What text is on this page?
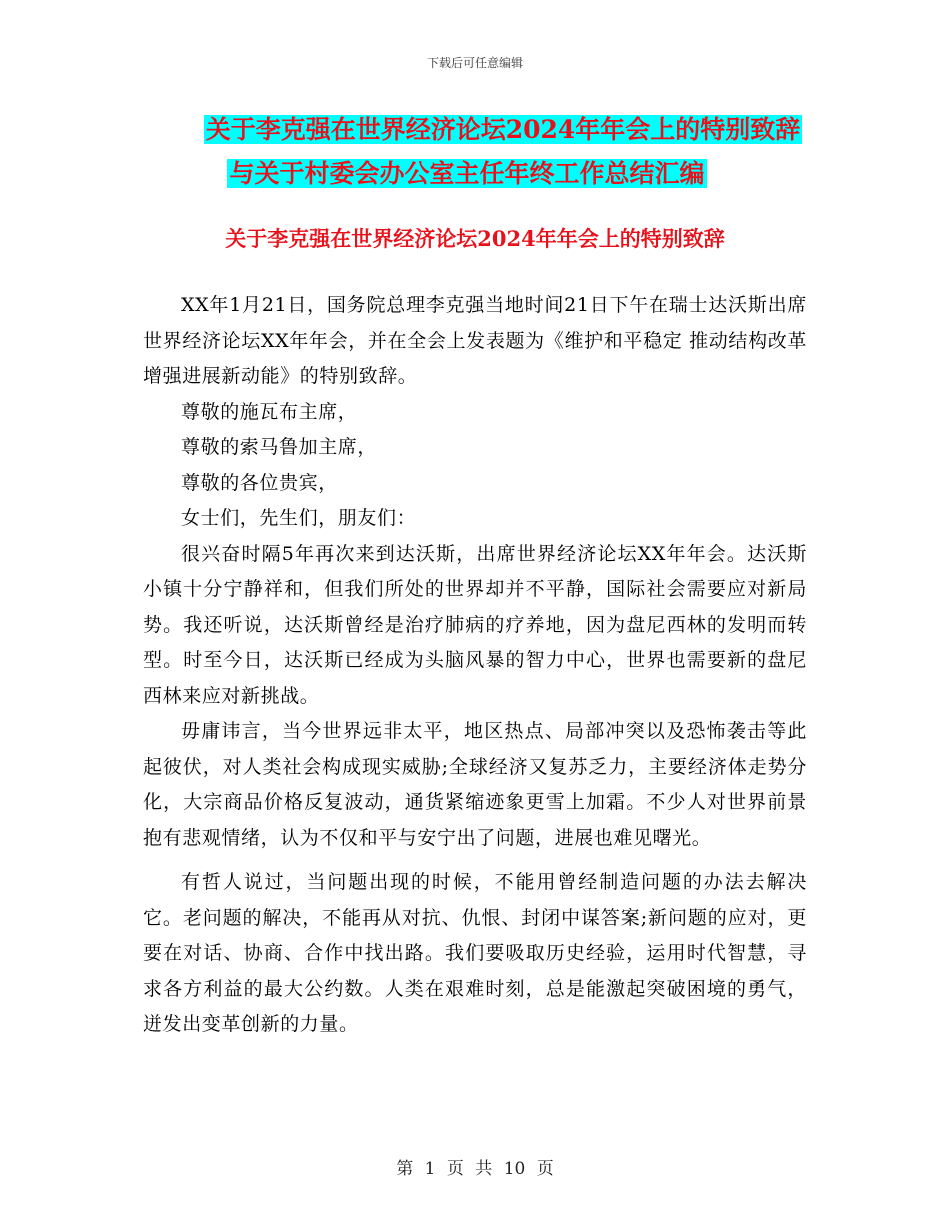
下载后可任意编辑
关于李克强在世界经济论坛2024年年会上的特别致辞
与关于村委会办公室主任年终工作总结汇编
关于李克强在世界经济论坛2024年年会上的特别致辞

XX年1月21日，国务院总理李克强当地时间21日下午在瑞士达沃斯出席世界经济论坛XX年年会，并在全会上发表题为《维护和平稳定 推动结构改革 增强进展新动能》的特别致辞。

尊敬的施瓦布主席，

尊敬的索马鲁加主席，

尊敬的各位贵宾，

女士们，先生们，朋友们：

很兴奋时隔5年再次来到达沃斯，出席世界经济论坛XX年年会。达沃斯小镇十分宁静祥和，但我们所处的世界却并不平静，国际社会需要应对新局势。我还听说，达沃斯曾经是治疗肺病的疗养地，因为盘尼西林的发明而转型。时至今日，达沃斯已经成为头脑风暴的智力中心，世界也需要新的盘尼西林来应对新挑战。

毋庸讳言，当今世界远非太平，地区热点、局部冲突以及恐怖袭击等此起彼伏，对人类社会构成现实威胁;全球经济又复苏乏力，主要经济体走势分化，大宗商品价格反复波动，通货紧缩迹象更雪上加霜。不少人对世界前景抱有悲观情绪，认为不仅和平与安宁出了问题，进展也难见曙光。

有哲人说过，当问题出现的时候，不能用曾经制造问题的办法去解决它。老问题的解决，不能再从对抗、仇恨、封闭中谋答案;新问题的应对，更要在对话、协商、合作中找出路。我们要吸取历史经验，运用时代智慧，寻求各方利益的最大公约数。人类在艰难时刻，总是能激起突破困境的勇气，迸发出变革创新的力量。

第 1 页 共 10 页
